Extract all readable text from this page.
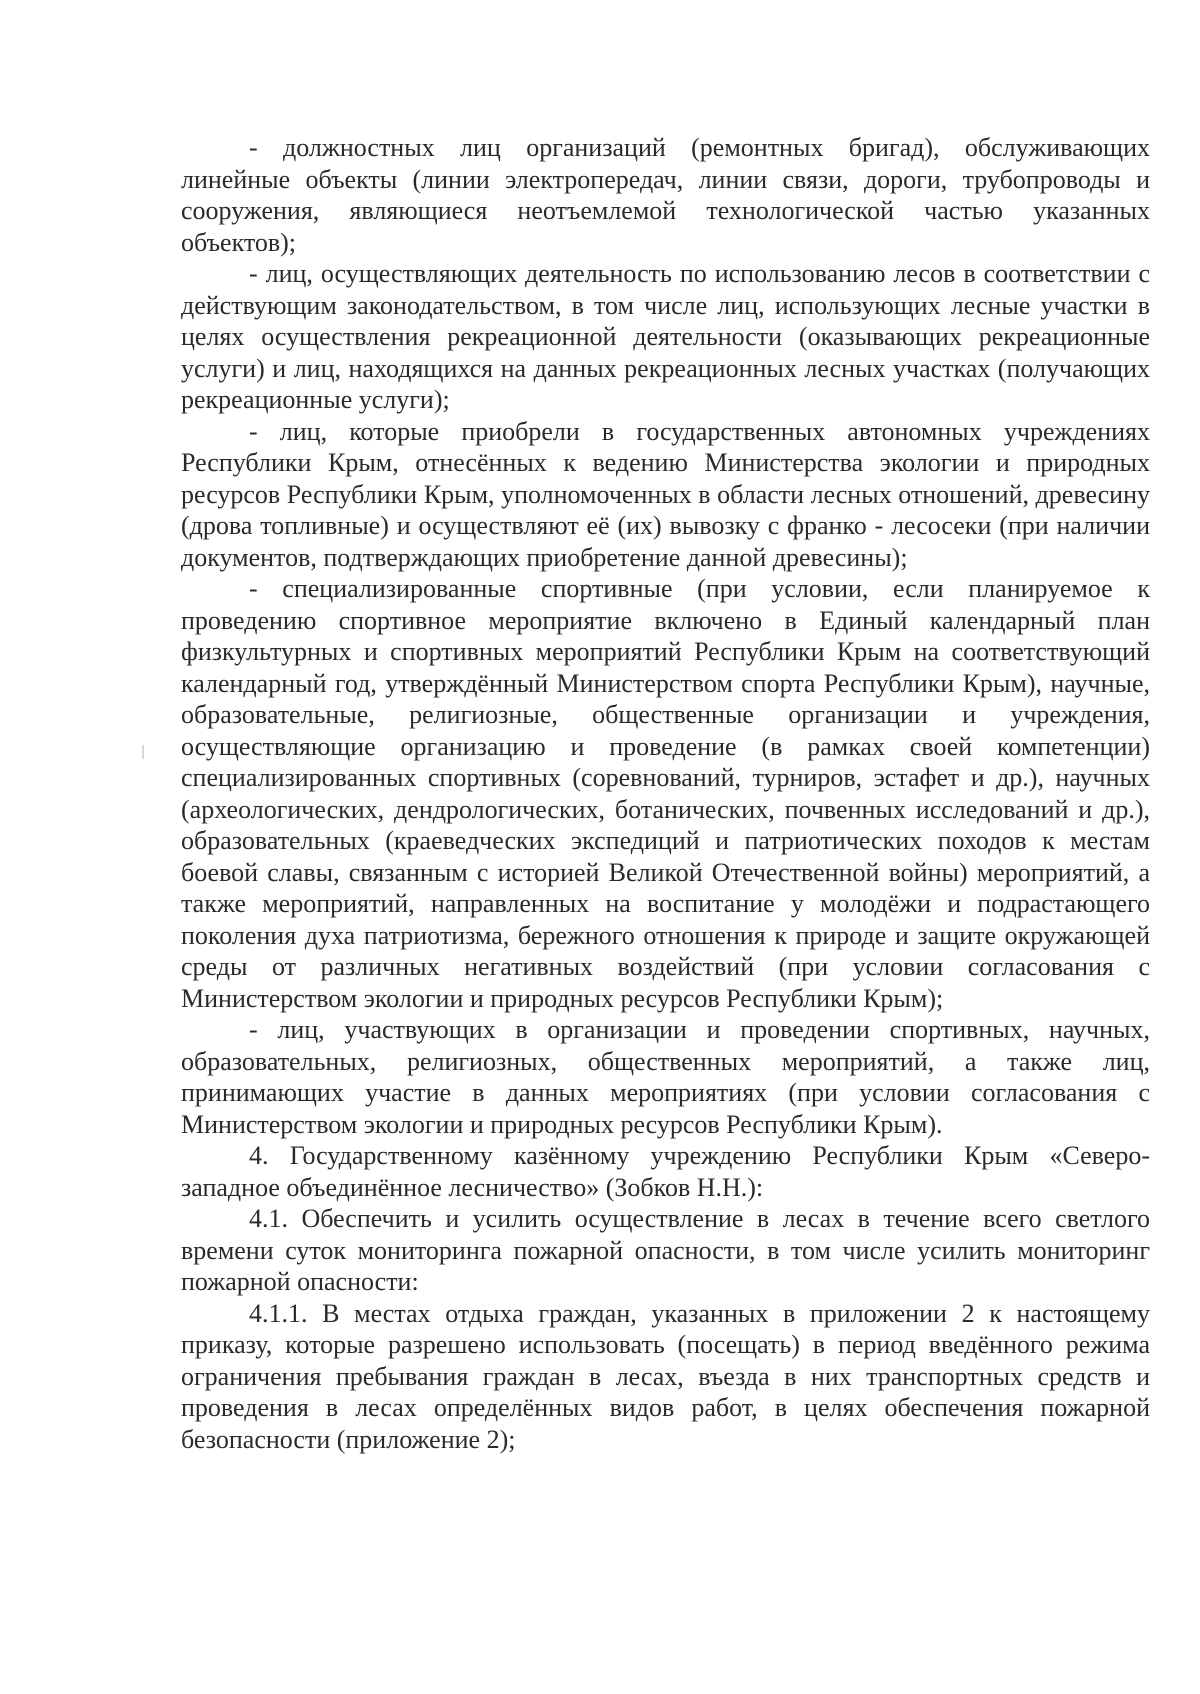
- должностных лиц организаций (ремонтных бригад), обслуживающих линейные объекты (линии электропередач, линии связи, дороги, трубопроводы и сооружения, являющиеся неотъемлемой технологической частью указанных объектов);

- лиц, осуществляющих деятельность по использованию лесов в соответствии с действующим законодательством, в том числе лиц, использующих лесные участки в целях осуществления рекреационной деятельности (оказывающих рекреационные услуги) и лиц, находящихся на данных рекреационных лесных участках (получающих рекреационные услуги);

- лиц, которые приобрели в государственных автономных учреждениях Республики Крым, отнесённых к ведению Министерства экологии и природных ресурсов Республики Крым, уполномоченных в области лесных отношений, древесину (дрова топливные) и осуществляют её (их) вывозку с франко - лесосеки (при наличии документов, подтверждающих приобретение данной древесины);

- специализированные спортивные (при условии, если планируемое к проведению спортивное мероприятие включено в Единый календарный план физкультурных и спортивных мероприятий Республики Крым на соответствующий календарный год, утверждённый Министерством спорта Республики Крым), научные, образовательные, религиозные, общественные организации и учреждения, осуществляющие организацию и проведение (в рамках своей компетенции) специализированных спортивных (соревнований, турниров, эстафет и др.), научных (археологических, дендрологических, ботанических, почвенных исследований и др.), образовательных (краеведческих экспедиций и патриотических походов к местам боевой славы, связанным с историей Великой Отечественной войны) мероприятий, а также мероприятий, направленных на воспитание у молодёжи и подрастающего поколения духа патриотизма, бережного отношения к природе и защите окружающей среды от различных негативных воздействий (при условии согласования с Министерством экологии и природных ресурсов Республики Крым);

- лиц, участвующих в организации и проведении спортивных, научных, образовательных, религиозных, общественных мероприятий, а также лиц, принимающих участие в данных мероприятиях (при условии согласования с Министерством экологии и природных ресурсов Республики Крым).

4. Государственному казённому учреждению Республики Крым «Северо-западное объединённое лесничество» (Зобков Н.Н.):

4.1. Обеспечить и усилить осуществление в лесах в течение всего светлого времени суток мониторинга пожарной опасности, в том числе усилить мониторинг пожарной опасности:

4.1.1. В местах отдыха граждан, указанных в приложении 2 к настоящему приказу, которые разрешено использовать (посещать) в период введённого режима ограничения пребывания граждан в лесах, въезда в них транспортных средств и проведения в лесах определённых видов работ, в целях обеспечения пожарной безопасности (приложение 2);
